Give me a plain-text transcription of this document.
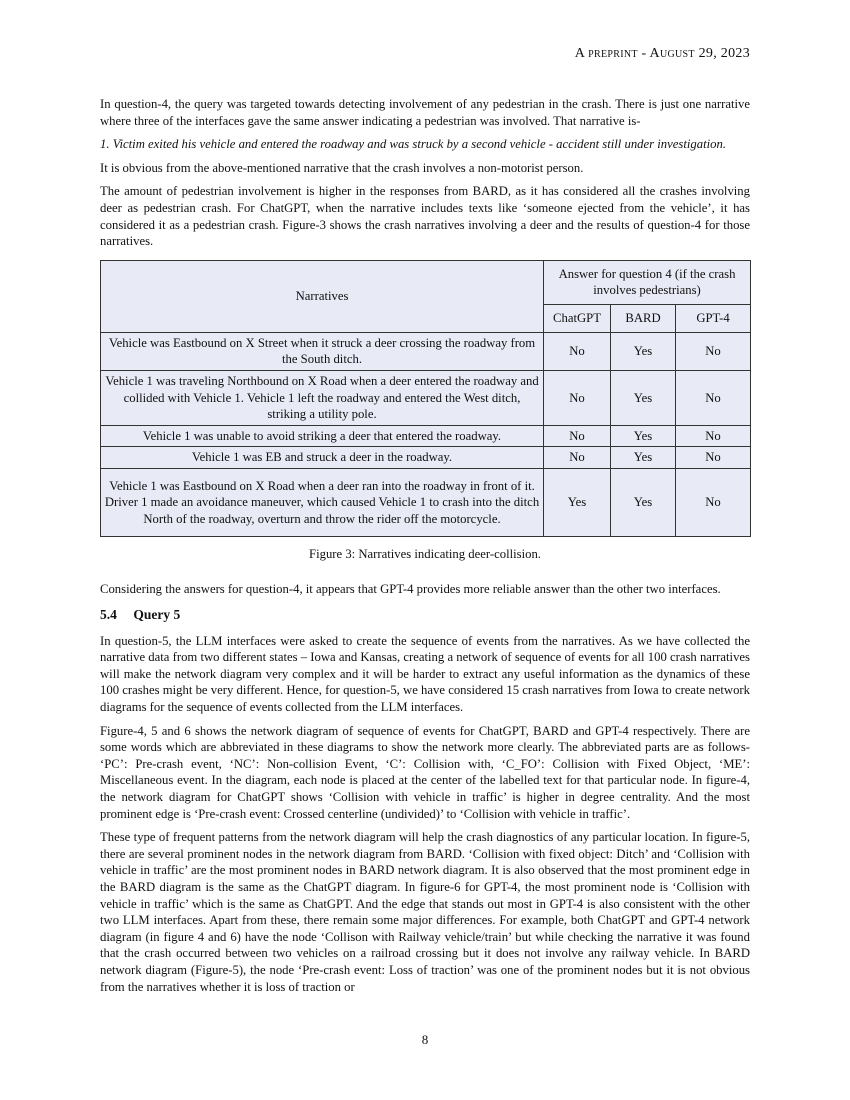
A preprint - August 29, 2023

In question-4, the query was targeted towards detecting involvement of any pedestrian in the crash. There is just one narrative where three of the interfaces gave the same answer indicating a pedestrian was involved. That narrative is-

1. Victim exited his vehicle and entered the roadway and was struck by a second vehicle - accident still under investigation.

It is obvious from the above-mentioned narrative that the crash involves a non-motorist person.

The amount of pedestrian involvement is higher in the responses from BARD, as it has considered all the crashes involving deer as pedestrian crash. For ChatGPT, when the narrative includes texts like ‘someone ejected from the vehicle’, it has considered it as a pedestrian crash. Figure-3 shows the crash narratives involving a deer and the results of question-4 for those narratives.

Narratives	Answer for question 4 (if the crash involves pedestrians)		
	ChatGPT	BARD	GPT-4
Vehicle was Eastbound on X Street when it struck a deer crossing the roadway from the South ditch.	No	Yes	No
Vehicle 1 was traveling Northbound on X Road when a deer entered the roadway and collided with Vehicle 1. Vehicle 1 left the roadway and entered the West ditch, striking a utility pole.	No	Yes	No
Vehicle 1 was unable to avoid striking a deer that entered the roadway.	No	Yes	No
Vehicle 1 was EB and struck a deer in the roadway.	No	Yes	No
Vehicle 1 was Eastbound on X Road when a deer ran into the roadway in front of it. Driver 1 made an avoidance maneuver, which caused Vehicle 1 to crash into the ditch North of the roadway, overturn and throw the rider off the motorcycle.	Yes	Yes	No
Figure 3: Narratives indicating deer-collision.

Considering the answers for question-4, it appears that GPT-4 provides more reliable answer than the other two interfaces.

5.4 Query 5

In question-5, the LLM interfaces were asked to create the sequence of events from the narratives. As we have collected the narrative data from two different states – Iowa and Kansas, creating a network of sequence of events for all 100 crash narratives will make the network diagram very complex and it will be harder to extract any useful information as the dynamics of these 100 crashes might be very different. Hence, for question-5, we have considered 15 crash narratives from Iowa to create network diagrams for the sequence of events collected from the LLM interfaces.

Figure-4, 5 and 6 shows the network diagram of sequence of events for ChatGPT, BARD and GPT-4 respectively. There are some words which are abbreviated in these diagrams to show the network more clearly. The abbreviated parts are as follows- ‘PC’: Pre-crash event, ‘NC’: Non-collision Event, ‘C’: Collision with, ‘C_FO’: Collision with Fixed Object, ‘ME’: Miscellaneous event. In the diagram, each node is placed at the center of the labelled text for that particular node. In figure-4, the network diagram for ChatGPT shows ‘Collision with vehicle in traffic’ is higher in degree centrality. And the most prominent edge is ‘Pre-crash event: Crossed centerline (undivided)’ to ‘Collision with vehicle in traffic’.

These type of frequent patterns from the network diagram will help the crash diagnostics of any particular location. In figure-5, there are several prominent nodes in the network diagram from BARD. ‘Collision with fixed object: Ditch’ and ‘Collision with vehicle in traffic’ are the most prominent nodes in BARD network diagram. It is also observed that the most prominent edge in the BARD diagram is the same as the ChatGPT diagram. In figure-6 for GPT-4, the most prominent node is ‘Collision with vehicle in traffic’ which is the same as ChatGPT. And the edge that stands out most in GPT-4 is also consistent with the other two LLM interfaces. Apart from these, there remain some major differences. For example, both ChatGPT and GPT-4 network diagram (in figure 4 and 6) have the node ‘Collison with Railway vehicle/train’ but while checking the narrative it was found that the crash occurred between two vehicles on a railroad crossing but it does not involve any railway vehicle. In BARD network diagram (Figure-5), the node ‘Pre-crash event: Loss of traction’ was one of the prominent nodes but it is not obvious from the narratives whether it is loss of traction or

8
